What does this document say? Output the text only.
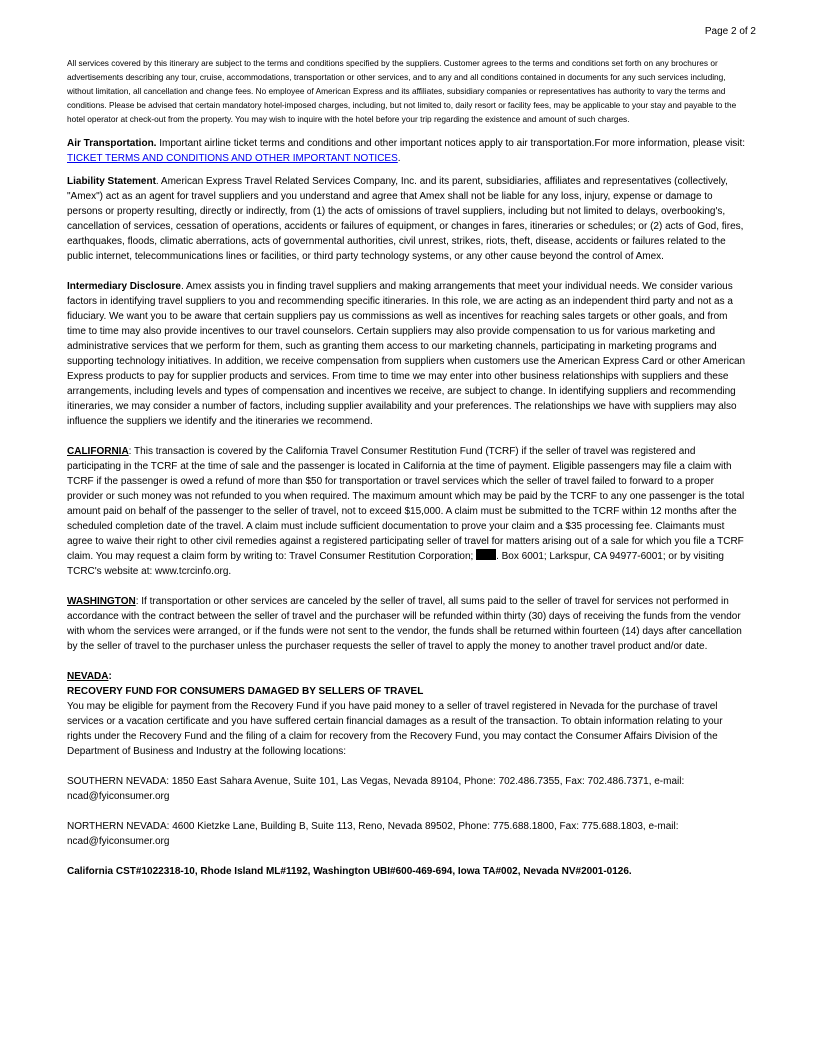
Page 2 of 2

All services covered by this itinerary are subject to the terms and conditions specified by the suppliers. Customer agrees to the terms and conditions set forth on any brochures or advertisements describing any tour, cruise, accommodations, transportation or other services, and to any and all conditions contained in documents for any such services including, without limitation, all cancellation and change fees. No employee of American Express and its affiliates, subsidiary companies or representatives has authority to vary the terms and conditions. Please be advised that certain mandatory hotel-imposed charges, including, but not limited to, daily resort or facility fees, may be applicable to your stay and payable to the hotel operator at check-out from the property. You may wish to inquire with the hotel before your trip regarding the existence and amount of such charges.

Air Transportation. Important airline ticket terms and conditions and other important notices apply to air transportation.For more information, please visit: TICKET TERMS AND CONDITIONS AND OTHER IMPORTANT NOTICES.

Liability Statement. American Express Travel Related Services Company, Inc. and its parent, subsidiaries, affiliates and representatives (collectively, "Amex") act as an agent for travel suppliers and you understand and agree that Amex shall not be liable for any loss, injury, expense or damage to persons or property resulting, directly or indirectly, from (1) the acts of omissions of travel suppliers, including but not limited to delays, overbooking's, cancellation of services, cessation of operations, accidents or failures of equipment, or changes in fares, itineraries or schedules; or (2) acts of God, fires, earthquakes, floods, climatic aberrations, acts of governmental authorities, civil unrest, strikes, riots, theft, disease, accidents or failures related to the public internet, telecommunications lines or facilities, or third party technology systems, or any other cause beyond the control of Amex.

Intermediary Disclosure. Amex assists you in finding travel suppliers and making arrangements that meet your individual needs. We consider various factors in identifying travel suppliers to you and recommending specific itineraries. In this role, we are acting as an independent third party and not as a fiduciary. We want you to be aware that certain suppliers pay us commissions as well as incentives for reaching sales targets or other goals, and from time to time may also provide incentives to our travel counselors. Certain suppliers may also provide compensation to us for various marketing and administrative services that we perform for them, such as granting them access to our marketing channels, participating in marketing programs and supporting technology initiatives. In addition, we receive compensation from suppliers when customers use the American Express Card or other American Express products to pay for supplier products and services. From time to time we may enter into other business relationships with suppliers and these arrangements, including levels and types of compensation and incentives we receive, are subject to change. In identifying suppliers and recommending itineraries, we may consider a number of factors, including supplier availability and your preferences. The relationships we have with suppliers may also influence the suppliers we identify and the itineraries we recommend.

CALIFORNIA: This transaction is covered by the California Travel Consumer Restitution Fund (TCRF) if the seller of travel was registered and participating in the TCRF at the time of sale and the passenger is located in California at the time of payment. Eligible passengers may file a claim with TCRF if the passenger is owed a refund of more than $50 for transportation or travel services which the seller of travel failed to forward to a proper provider or such money was not refunded to you when required. The maximum amount which may be paid by the TCRF to any one passenger is the total amount paid on behalf of the passenger to the seller of travel, not to exceed $15,000. A claim must be submitted to the TCRF within 12 months after the scheduled completion date of the travel. A claim must include sufficient documentation to prove your claim and a $35 processing fee. Claimants must agree to waive their right to other civil remedies against a registered participating seller of travel for matters arising out of a sale for which you file a TCRF claim. You may request a claim form by writing to: Travel Consumer Restitution Corporation; . Box 6001; Larkspur, CA 94977-6001; or by visiting TCRC's website at: www.tcrcinfo.org.

WASHINGTON: If transportation or other services are canceled by the seller of travel, all sums paid to the seller of travel for services not performed in accordance with the contract between the seller of travel and the purchaser will be refunded within thirty (30) days of receiving the funds from the vendor with whom the services were arranged, or if the funds were not sent to the vendor, the funds shall be returned within fourteen (14) days after cancellation by the seller of travel to the purchaser unless the purchaser requests the seller of travel to apply the money to another travel product and/or date.

NEVADA:

RECOVERY FUND FOR CONSUMERS DAMAGED BY SELLERS OF TRAVEL

You may be eligible for payment from the Recovery Fund if you have paid money to a seller of travel registered in Nevada for the purchase of travel services or a vacation certificate and you have suffered certain financial damages as a result of the transaction. To obtain information relating to your rights under the Recovery Fund and the filing of a claim for recovery from the Recovery Fund, you may contact the Consumer Affairs Division of the Department of Business and Industry at the following locations:

SOUTHERN NEVADA: 1850 East Sahara Avenue, Suite 101, Las Vegas, Nevada 89104, Phone: 702.486.7355, Fax: 702.486.7371, e-mail: ncad@fyiconsumer.org

NORTHERN NEVADA: 4600 Kietzke Lane, Building B, Suite 113, Reno, Nevada 89502, Phone: 775.688.1800, Fax: 775.688.1803, e-mail: ncad@fyiconsumer.org

California CST#1022318-10, Rhode Island ML#1192, Washington UBI#600-469-694, Iowa TA#002, Nevada NV#2001-0126.
